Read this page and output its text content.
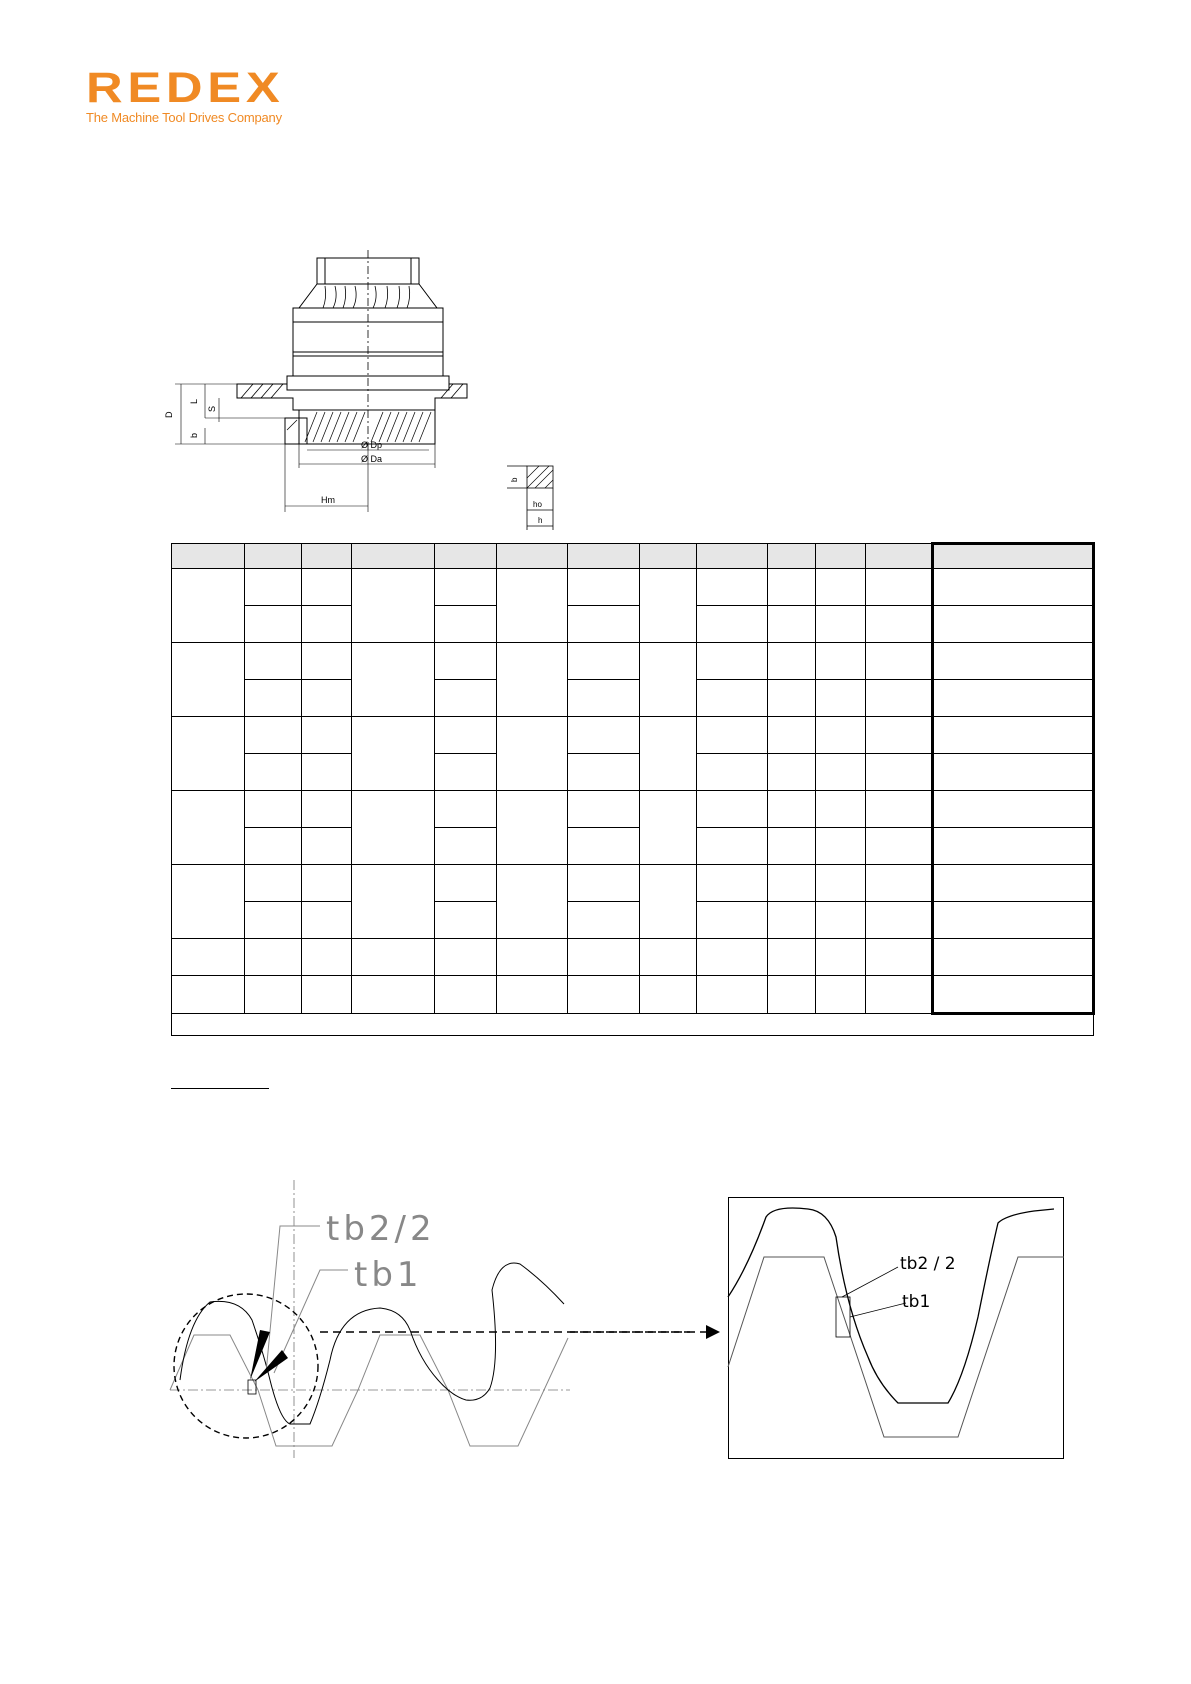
REDEX
The Machine Tool Drives Company
D
L
S
b
Ø Dp
Ø Da
Hm
b
ho
h

tb2/2
tb1	tb2 / 2
tb1
